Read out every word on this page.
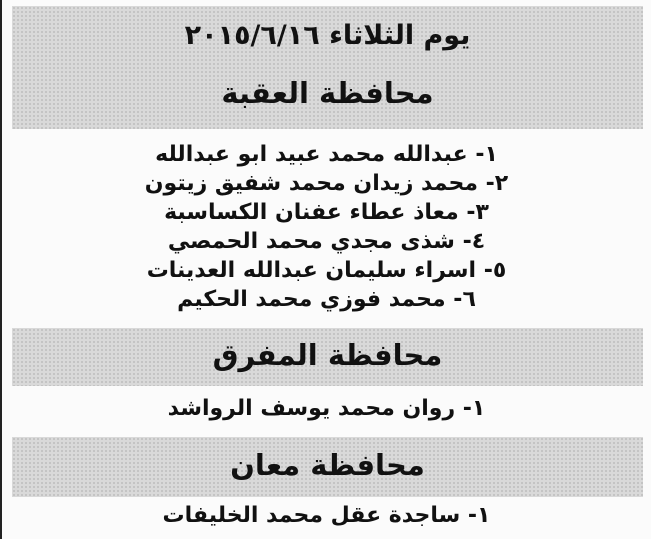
يوم الثلاثاء ٢٠١٥/٦/١٦
محافظة العقبة
١- عبدالله محمد عبيد ابو عبدالله
٢- محمد زيدان محمد شفيق زيتون
٣- معاذ عطاء عفنان الكساسبة
٤- شذى مجدي محمد الحمصي
٥- اسراء سليمان عبدالله العدينات
٦- محمد فوزي محمد الحكيم
محافظة المفرق
١- روان محمد يوسف الرواشد
محافظة معان
١- ساجدة عقل محمد الخليفات
